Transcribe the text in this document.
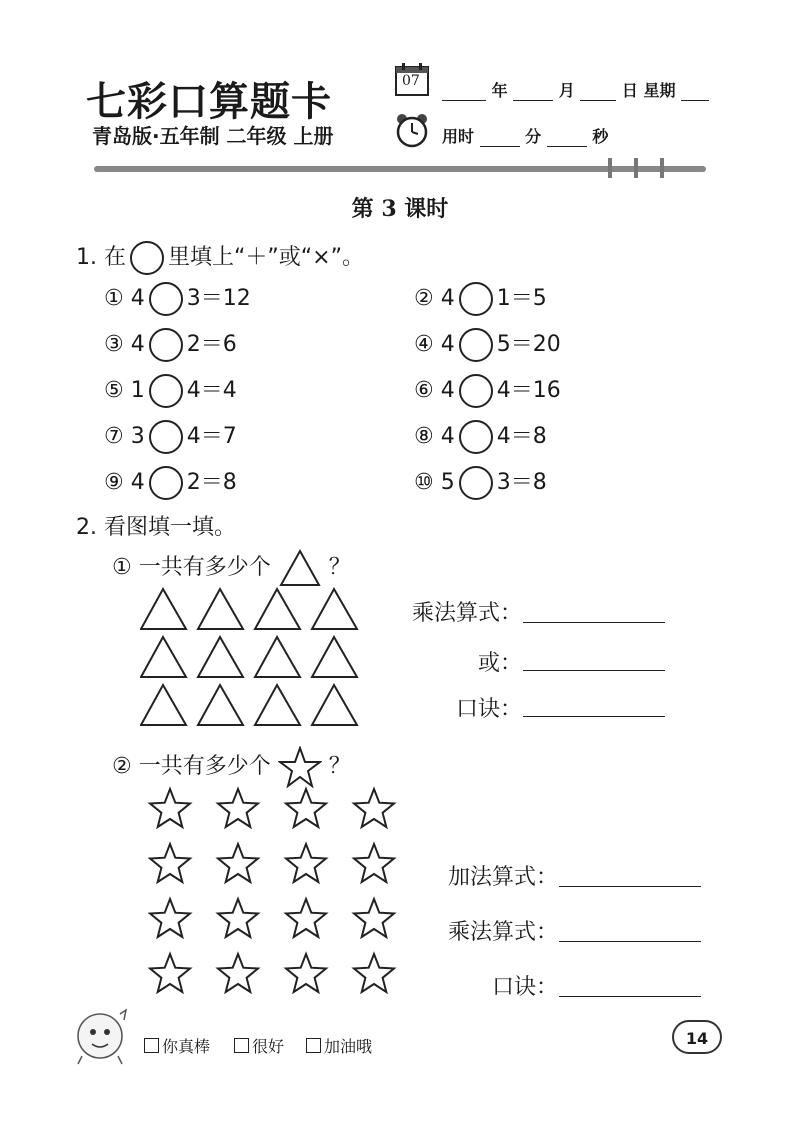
七彩口算题卡
青岛版·五年制 二年级 上册
07	年	月	日 星期
用时	分	秒
第 3 课时
1. 在 里填上“＋”或“×”。
① 4 3＝12	② 4 1＝5
③ 4 2＝6	④ 4 5＝20
⑤ 1 4＝4	⑥ 4 4＝16
⑦ 3 4＝7	⑧ 4 4＝8
⑨ 4 2＝8	⑩ 5 3＝8
2. 看图填一填。
① 一共有多少个	？
乘法算式：
或：
口诀：
② 一共有多少个	？
加法算式：
乘法算式：
口诀：
你真棒	很好	加油哦	14
